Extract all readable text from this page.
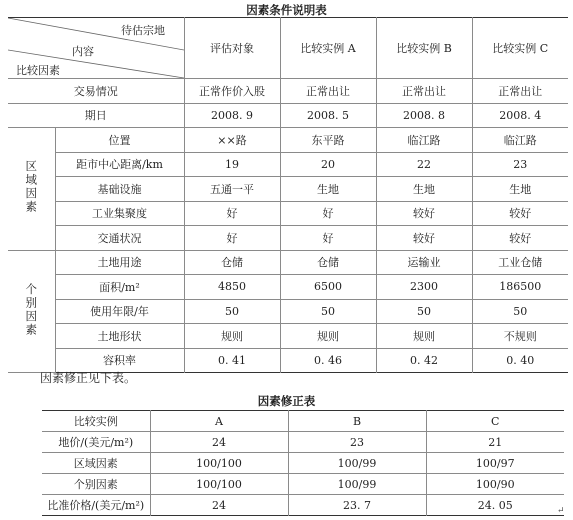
因素条件说明表
待估宗地
内容
比较因素		评估对象	比较实例 A	比较实例 B	比较实例 C
交易情况		正常作价入股	正常出让	正常出让	正常出让
期日		2008. 9	2008. 5	2008. 8	2008. 4
区域因素	位置	××路	东平路	临江路	临江路
	距市中心距离/km	19	20	22	23
	基础设施	五通一平	生地	生地	生地
	工业集聚度	好	好	较好	较好
	交通状况	好	好	较好	较好
个别因素	土地用途	仓储	仓储	运输业	工业仓储
	面积/m²	4850	6500	2300	186500
	使用年限/年	50	50	50	50
	土地形状	规则	规则	规则	不规则
	容积率	0. 41	0. 46	0. 42	0. 40
因素修正见下表。
因素修正表
比较实例	A	B	C
地价/(美元/m²)	24	23	21
区域因素	100/100	100/99	100/97
个别因素	100/100	100/99	100/90
比准价格/(美元/m²)	24	23. 7	24. 05	↵
